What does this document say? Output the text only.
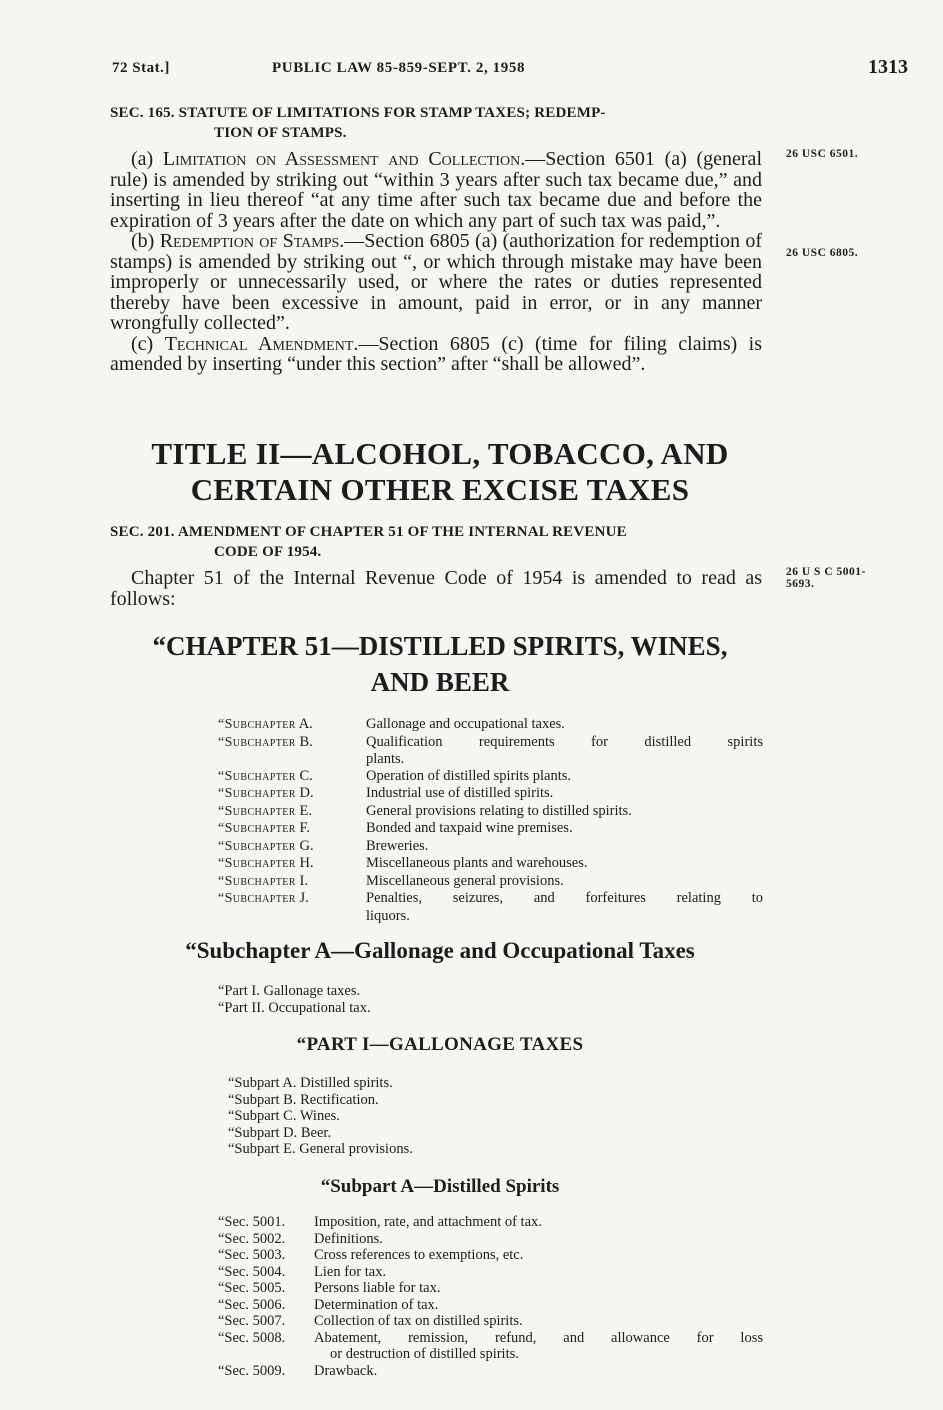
72 Stat.]	PUBLIC LAW 85-859-SEPT. 2, 1958	1313
SEC. 165. STATUTE OF LIMITATIONS FOR STAMP TAXES; REDEMP-
TION OF STAMPS.

(a) Limitation on Assessment and Collection.—Section 6501 (a) (general rule) is amended by striking out “within 3 years after such tax became due,” and inserting in lieu thereof “at any time after such tax became due and before the expiration of 3 years after the date on which any part of such tax was paid,”.

(b) Redemption of Stamps.—Section 6805 (a) (authorization for redemption of stamps) is amended by striking out “, or which through mistake may have been improperly or unnecessarily used, or where the rates or duties represented thereby have been excessive in amount, paid in error, or in any manner wrongfully collected”.

(c) Technical Amendment.—Section 6805 (c) (time for filing claims) is amended by inserting “under this section” after “shall be allowed”.

26 USC 6501.
26 USC 6805.
TITLE II—ALCOHOL, TOBACCO, AND
CERTAIN OTHER EXCISE TAXES
SEC. 201. AMENDMENT OF CHAPTER 51 OF THE INTERNAL REVENUE
CODE OF 1954.

Chapter 51 of the Internal Revenue Code of 1954 is amended to read as follows:

26 U S C 5001-
5693.
“CHAPTER 51—DISTILLED SPIRITS, WINES,
AND BEER
“Subchapter A.	Gallonage and occupational taxes.
“Subchapter B.	Qualification requirements for distilled spirits
plants.
“Subchapter C.	Operation of distilled spirits plants.
“Subchapter D.	Industrial use of distilled spirits.
“Subchapter E.	General provisions relating to distilled spirits.
“Subchapter F.	Bonded and taxpaid wine premises.
“Subchapter G.	Breweries.
“Subchapter H.	Miscellaneous plants and warehouses.
“Subchapter I.	Miscellaneous general provisions.
“Subchapter J.	Penalties, seizures, and forfeitures relating to
liquors.
“Subchapter A—Gallonage and Occupational Taxes
“Part I. Gallonage taxes.
“Part II. Occupational tax.
“PART I—GALLONAGE TAXES
“Subpart A. Distilled spirits.
“Subpart B. Rectification.
“Subpart C. Wines.
“Subpart D. Beer.
“Subpart E. General provisions.
“Subpart A—Distilled Spirits
“Sec. 5001.	Imposition, rate, and attachment of tax.
“Sec. 5002.	Definitions.
“Sec. 5003.	Cross references to exemptions, etc.
“Sec. 5004.	Lien for tax.
“Sec. 5005.	Persons liable for tax.
“Sec. 5006.	Determination of tax.
“Sec. 5007.	Collection of tax on distilled spirits.
“Sec. 5008.	Abatement, remission, refund, and allowance for loss
or destruction of distilled spirits.
“Sec. 5009.	Drawback.
